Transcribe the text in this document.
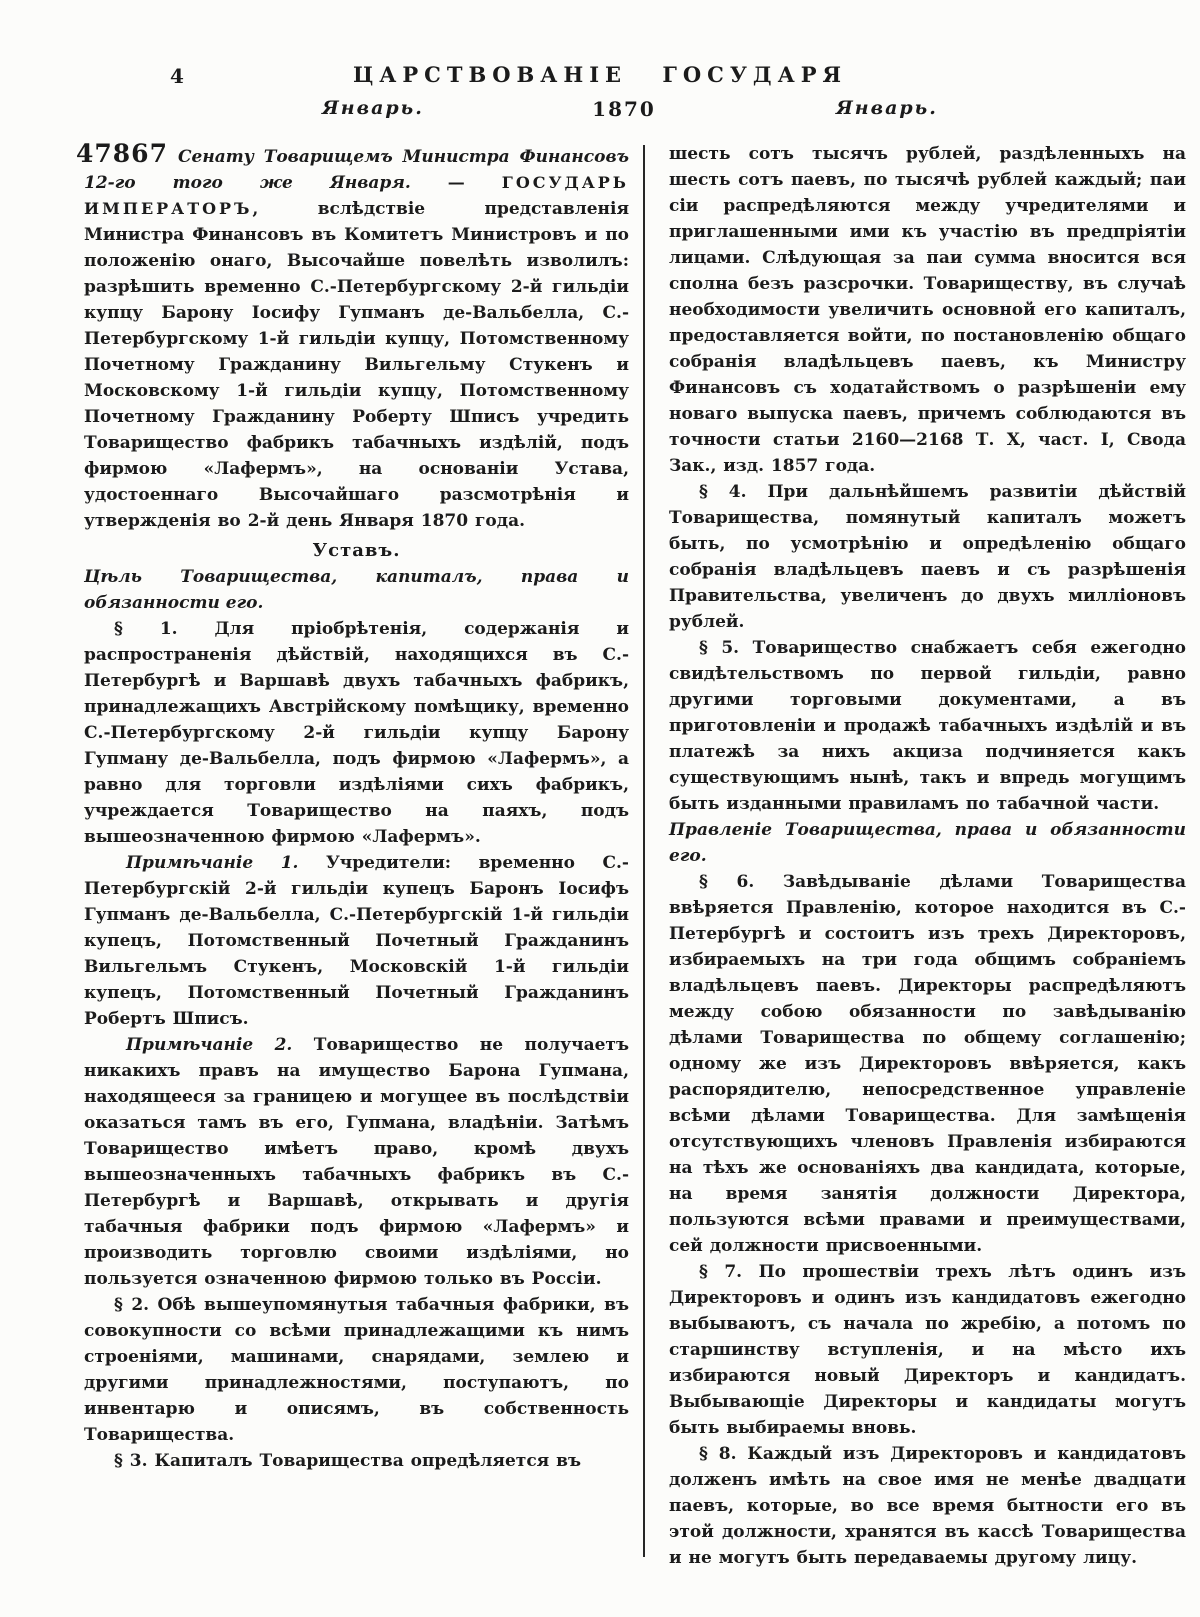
4	ЦАРСТВОВАНІЕ ГОСУДАРЯ
Январь.	1870	Январь.

47867 Сенату Товарищемъ Министра Финансовъ 12-го того же Января. — ГОСУДАРЬ ИМПЕРАТОРЪ, вслѣдствіе представленія Министра Финансовъ въ Комитетъ Министровъ и по положенію онаго, Высочайше повелѣть изволилъ: разрѣшить временно С.-Петербургскому 2-й гильдіи купцу Барону Іосифу Гупманъ де-Вальбелла, С.-Петербургскому 1-й гильдіи купцу, Потомственному Почетному Гражданину Вильгельму Стукенъ и Московскому 1-й гильдіи купцу, Потомственному Почетному Гражданину Роберту Шписъ учредить Товарищество фабрикъ табачныхъ издѣлій, подъ фирмою «Лафермъ», на основаніи Устава, удостоеннаго Высочайшаго разсмотрѣнія и утвержденія во 2-й день Января 1870 года.

Уставъ.

Цѣль Товарищества, капиталъ, права и обязанности его.

§ 1. Для пріобрѣтенія, содержанія и распространенія дѣйствій, находящихся въ С.-Петербургѣ и Варшавѣ двухъ табачныхъ фабрикъ, принадлежащихъ Австрійскому помѣщику, временно С.-Петербургскому 2-й гильдіи купцу Барону Гупману де-Вальбелла, подъ фирмою «Лафермъ», а равно для торговли издѣліями сихъ фабрикъ, учреждается Товарищество на паяхъ, подъ вышеозначенною фирмою «Лафермъ».

Примѣчаніе 1. Учредители: временно С.-Петербургскій 2-й гильдіи купецъ Баронъ Іосифъ Гупманъ де-Вальбелла, С.-Петербургскій 1-й гильдіи купецъ, Потомственный Почетный Гражданинъ Вильгельмъ Стукенъ, Московскій 1-й гильдіи купецъ, Потомственный Почетный Гражданинъ Робертъ Шписъ.

Примѣчаніе 2. Товарищество не получаетъ никакихъ правъ на имущество Барона Гупмана, находящееся за границею и могущее въ послѣдствіи оказаться тамъ въ его, Гупмана, владѣніи. Затѣмъ Товарищество имѣетъ право, кромѣ двухъ вышеозначенныхъ табачныхъ фабрикъ въ С.-Петербургѣ и Варшавѣ, открывать и другія табачныя фабрики подъ фирмою «Лафермъ» и производить торговлю своими издѣліями, но пользуется означенною фирмою только въ Россіи.

§ 2. Обѣ вышеупомянутыя табачныя фабрики, въ совокупности со всѣми принадлежащими къ нимъ строеніями, машинами, снарядами, землею и другими принадлежностями, поступаютъ, по инвентарю и описямъ, въ собственность Товарищества.

§ 3. Капиталъ Товарищества опредѣляется въ

шесть сотъ тысячъ рублей, раздѣленныхъ на шесть сотъ паевъ, по тысячѣ рублей каждый; паи сіи распредѣляются между учредителями и приглашенными ими къ участію въ предпріятіи лицами. Слѣдующая за паи сумма вносится вся сполна безъ разсрочки. Товариществу, въ случаѣ необходимости увеличить основной его капиталъ, предоставляется войти, по постановленію общаго собранія владѣльцевъ паевъ, къ Министру Финансовъ съ ходатайствомъ о разрѣшеніи ему новаго выпуска паевъ, причемъ соблюдаются въ точности статьи 2160—2168 Т. X, част. I, Свода Зак., изд. 1857 года.

§ 4. При дальнѣйшемъ развитіи дѣйствій Товарищества, помянутый капиталъ можетъ быть, по усмотрѣнію и опредѣленію общаго собранія владѣльцевъ паевъ и съ разрѣшенія Правительства, увеличенъ до двухъ милліоновъ рублей.

§ 5. Товарищество снабжаетъ себя ежегодно свидѣтельствомъ по первой гильдіи, равно другими торговыми документами, а въ приготовленіи и продажѣ табачныхъ издѣлій и въ платежѣ за нихъ акциза подчиняется какъ существующимъ нынѣ, такъ и впредь могущимъ быть изданными правиламъ по табачной части.

Правленіе Товарищества, права и обязанности его.

§ 6. Завѣдываніе дѣлами Товарищества ввѣряется Правленію, которое находится въ С.-Петербургѣ и состоитъ изъ трехъ Директоровъ, избираемыхъ на три года общимъ собраніемъ владѣльцевъ паевъ. Директоры распредѣляютъ между собою обязанности по завѣдыванію дѣлами Товарищества по общему соглашенію; одному же изъ Директоровъ ввѣряется, какъ распорядителю, непосредственное управленіе всѣми дѣлами Товарищества. Для замѣщенія отсутствующихъ членовъ Правленія избираются на тѣхъ же основаніяхъ два кандидата, которые, на время занятія должности Директора, пользуются всѣми правами и преимуществами, сей должности присвоенными.

§ 7. По прошествіи трехъ лѣтъ одинъ изъ Директоровъ и одинъ изъ кандидатовъ ежегодно выбываютъ, съ начала по жребію, а потомъ по старшинству вступленія, и на мѣсто ихъ избираются новый Директоръ и кандидатъ. Выбывающіе Директоры и кандидаты могутъ быть выбираемы вновь.

§ 8. Каждый изъ Директоровъ и кандидатовъ долженъ имѣть на свое имя не менѣе двадцати паевъ, которые, во все время бытности его въ этой должности, хранятся въ кассѣ Товарищества и не могутъ быть передаваемы другому лицу.
